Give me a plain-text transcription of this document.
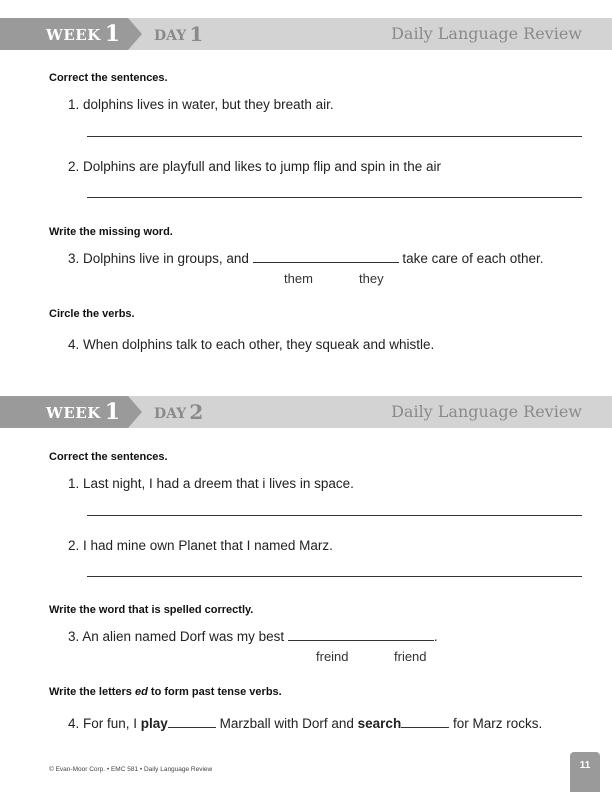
WEEK 1 DAY 1	Daily Language Review
Correct the sentences.
1. dolphins lives in water, but they breath air.
2. Dolphins are playfull and likes to jump flip and spin in the air
Write the missing word.
3. Dolphins live in groups, and	take care of each other.
them	they
Circle the verbs.
4. When dolphins talk to each other, they squeak and whistle.
WEEK 1 DAY 2	Daily Language Review
Correct the sentences.
1. Last night, I had a dreem that i lives in space.
2. I had mine own Planet that I named Marz.
Write the word that is spelled correctly.
3. An alien named Dorf was my best	.
freind	friend
Write the letters ed to form past tense verbs.
4. For fun, I play	Marzball with Dorf and search	for Marz rocks.
© Evan-Moor Corp. • EMC 581 • Daily Language Review	11
